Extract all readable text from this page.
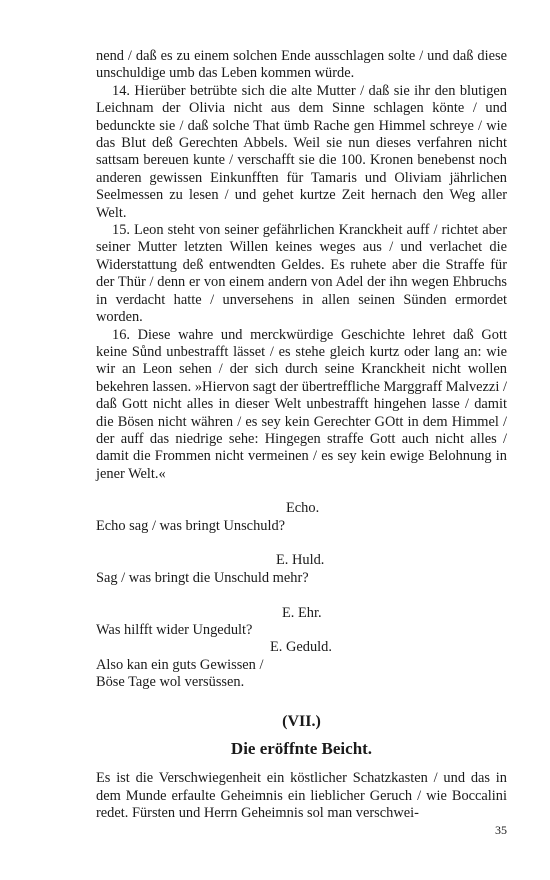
nend / daß es zu einem solchen Ende ausschlagen solte / und daß diese unschuldige umb das Leben kommen würde.

14. Hierüber betrübte sich die alte Mutter / daß sie ihr den blutigen Leichnam der Olivia nicht aus dem Sinne schlagen könte / und bedunckte sie / daß solche That ümb Rache gen Himmel schreye / wie das Blut deß Gerechten Abbels. Weil sie nun dieses verfahren nicht sattsam bereuen kunte / verschafft sie die 100. Kronen benebenst noch anderen gewissen Einkunfften für Tamaris und Oliviam jährlichen Seelmessen zu lesen / und gehet kurtze Zeit hernach den Weg aller Welt.

15. Leon steht von seiner gefährlichen Kranckheit auff / richtet aber seiner Mutter letzten Willen keines weges aus / und verlachet die Widerstattung deß entwendten Geldes. Es ruhete aber die Straffe für der Thür / denn er von einem andern von Adel der ihn wegen Ehbruchs in verdacht hatte / unversehens in allen seinen Sünden ermordet worden.

16. Diese wahre und merckwürdige Geschichte lehret daß Gott keine Sůnd unbestrafft lässet / es stehe gleich kurtz oder lang an: wie wir an Leon sehen / der sich durch seine Kranckheit nicht wollen bekehren lassen. »Hiervon sagt der übertreffliche Marggraff Malvezzi / daß Gott nicht alles in dieser Welt unbestrafft hingehen lasse / damit die Bösen nicht währen / es sey kein Gerechter GOtt in dem Himmel / der auff das niedrige sehe: Hingegen straffe Gott auch nicht alles / damit die Frommen nicht vermeinen / es sey kein ewige Belohnung in jener Welt.«

Echo.

Echo sag / was bringt Unschuld?

E. Huld.

Sag / was bringt die Unschuld mehr?

E. Ehr.

Was hilfft wider Ungedult?

E. Geduld.

Also kan ein guts Gewissen /

Böse Tage wol versüssen.

(VII.)

Die eröffnte Beicht.

Es ist die Verschwiegenheit ein köstlicher Schatzkasten / und das in dem Munde erfaulte Geheimnis ein lieblicher Geruch / wie Boccalini redet. Fürsten und Herrn Geheimnis sol man verschwei-

35
